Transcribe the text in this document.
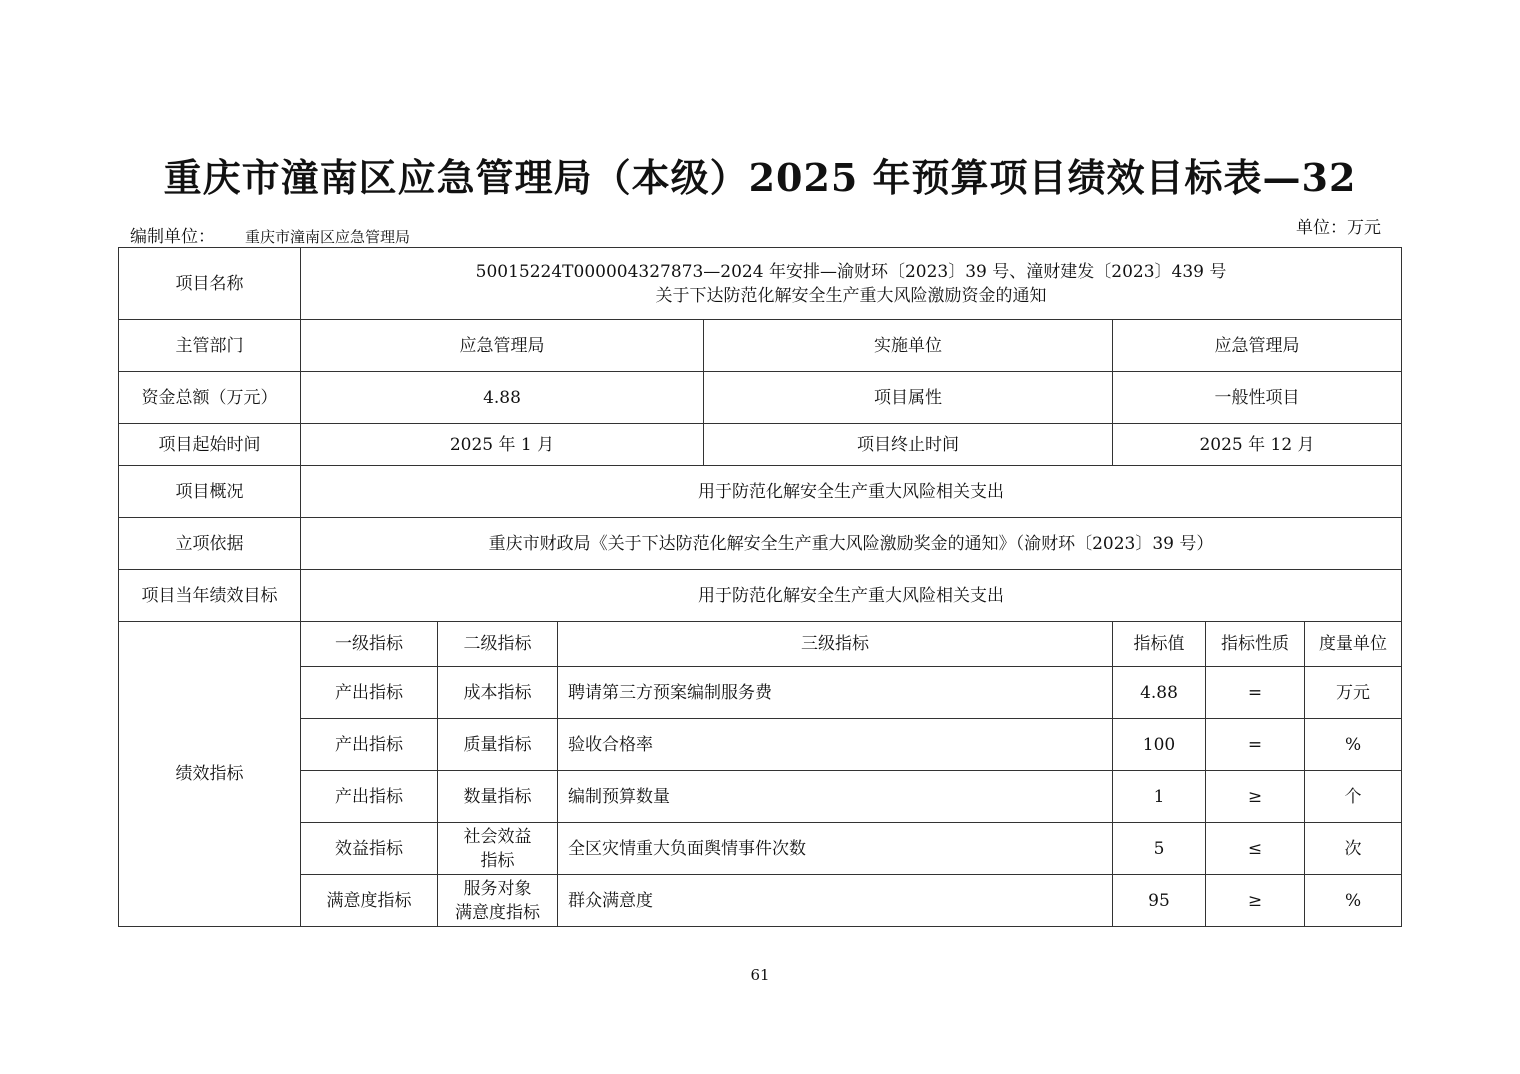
重庆市潼南区应急管理局（本级）2025 年预算项目绩效目标表—32
编制单位： 重庆市潼南区应急管理局	单位：万元
项目名称	50015224T000004327873—2024 年安排—渝财环〔2023〕39 号、潼财建发〔2023〕439 号
关于下达防范化解安全生产重大风险激励资金的通知						

主管部门	应急管理局			实施单位	应急管理局		
资金总额（万元）	4.88			项目属性	一般性项目		
项目起始时间	2025 年 1 月			项目终止时间	2025 年 12 月		
项目概况	用于防范化解安全生产重大风险相关支出						
立项依据	重庆市财政局《关于下达防范化解安全生产重大风险激励奖金的通知》（渝财环〔2023〕39 号）						
项目当年绩效目标	用于防范化解安全生产重大风险相关支出						
绩效指标	一级指标	二级指标	三级指标		指标值	指标性质	度量单位
	产出指标	成本指标	聘请第三方预案编制服务费		4.88	=	万元
	产出指标	质量指标	验收合格率		100	=	%
	产出指标	数量指标	编制预算数量		1	≥	个
	效益指标	社会效益
指标	全区灾情重大负面舆情事件次数		5	≤	次
	满意度指标	服务对象
满意度指标	群众满意度		95	≥	%
61
